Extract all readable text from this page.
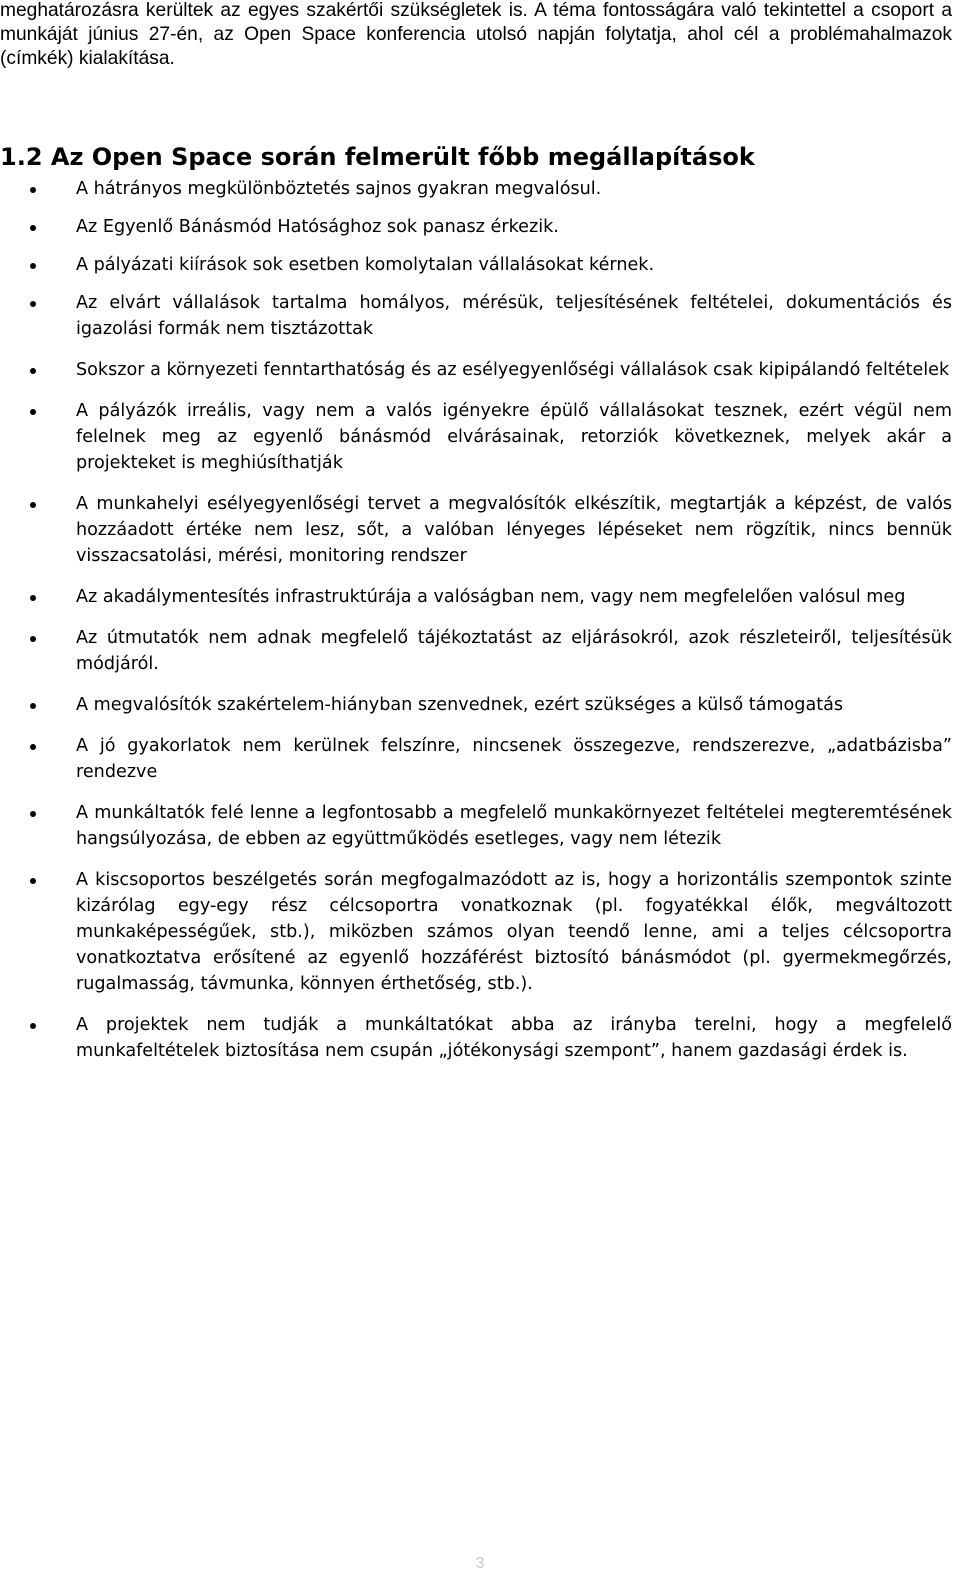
meghatározásra kerültek az egyes szakértői szükségletek is. A téma fontosságára való tekintettel a csoport a munkáját június 27-én, az Open Space konferencia utolsó napján folytatja, ahol cél a problémahalmazok (címkék) kialakítása.

1.2 Az Open Space során felmerült főbb megállapítások
A hátrányos megkülönböztetés sajnos gyakran megvalósul.
Az Egyenlő Bánásmód Hatósághoz sok panasz érkezik.
A pályázati kiírások sok esetben komolytalan vállalásokat kérnek.
Az elvárt vállalások tartalma homályos, mérésük, teljesítésének feltételei, dokumentációs és igazolási formák nem tisztázottak
Sokszor a környezeti fenntarthatóság és az esélyegyenlőségi vállalások csak kipipálandó feltételek
A pályázók irreális, vagy nem a valós igényekre épülő vállalásokat tesznek, ezért végül nem felelnek meg az egyenlő bánásmód elvárásainak, retorziók következnek, melyek akár a projekteket is meghiúsíthatják
A munkahelyi esélyegyenlőségi tervet a megvalósítók elkészítik, megtartják a képzést, de valós hozzáadott értéke nem lesz, sőt, a valóban lényeges lépéseket nem rögzítik, nincs bennük visszacsatolási, mérési, monitoring rendszer
Az akadálymentesítés infrastruktúrája a valóságban nem, vagy nem megfelelően valósul meg
Az útmutatók nem adnak megfelelő tájékoztatást az eljárásokról, azok részleteiről, teljesítésük módjáról.
A megvalósítók szakértelem-hiányban szenvednek, ezért szükséges a külső támogatás
A jó gyakorlatok nem kerülnek felszínre, nincsenek összegezve, rendszerezve, „adatbázisba” rendezve
A munkáltatók felé lenne a legfontosabb a megfelelő munkakörnyezet feltételei megteremtésének hangsúlyozása, de ebben az együttműködés esetleges, vagy nem létezik
A kiscsoportos beszélgetés során megfogalmazódott az is, hogy a horizontális szempontok szinte kizárólag egy-egy rész célcsoportra vonatkoznak (pl. fogyatékkal élők, megváltozott munkaképességűek, stb.), miközben számos olyan teendő lenne, ami a teljes célcsoportra vonatkoztatva erősítené az egyenlő hozzáférést biztosító bánásmódot (pl. gyermekmegőrzés, rugalmasság, távmunka, könnyen érthetőség, stb.).
A projektek nem tudják a munkáltatókat abba az irányba terelni, hogy a megfelelő munkafeltételek biztosítása nem csupán „jótékonysági szempont”, hanem gazdasági érdek is.
3
